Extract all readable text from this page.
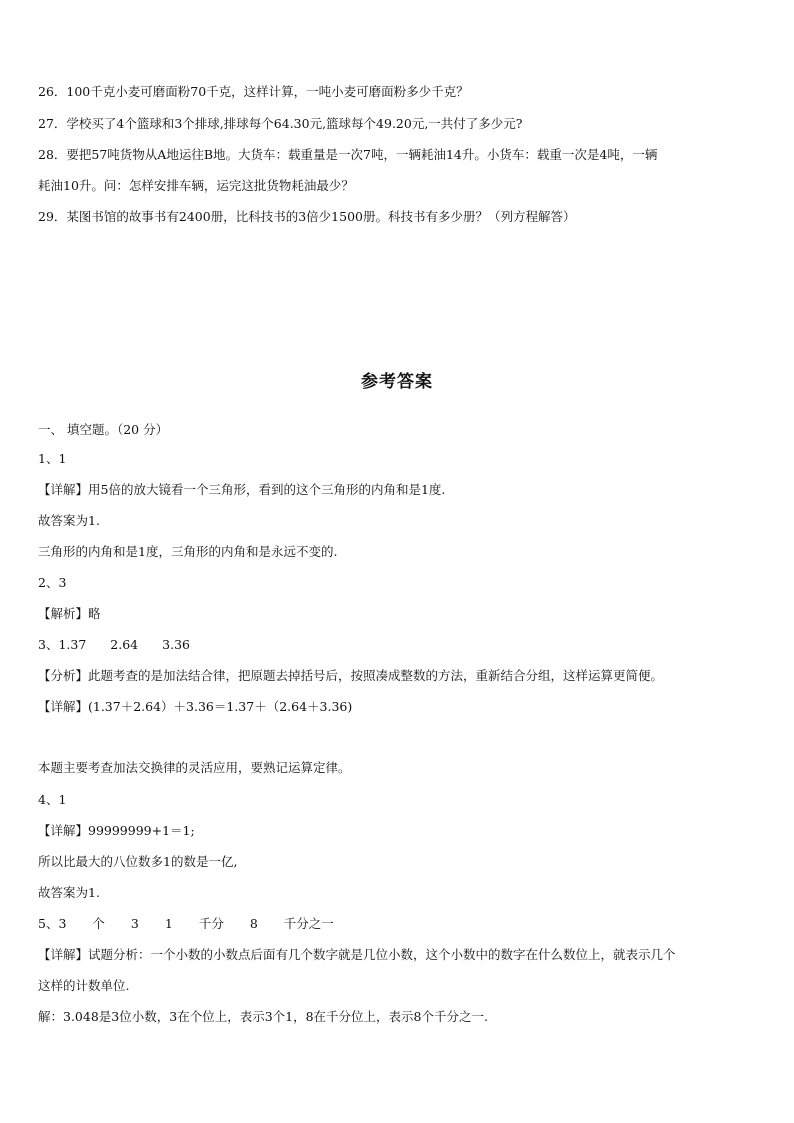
26．100千克小麦可磨面粉70千克，这样计算，一吨小麦可磨面粉多少千克？
27．学校买了4个篮球和3个排球,排球每个64.30元,篮球每个49.20元,一共付了多少元?
28．要把57吨货物从A地运往B地。大货车：载重量是一次7吨，一辆耗油14升。小货车：载重一次是4吨，一辆
耗油10升。问：怎样安排车辆，运完这批货物耗油最少？
29．某图书馆的故事书有2400册，比科技书的3倍少1500册。科技书有多少册？（列方程解答）
参考答案
一、 填空题。（20 分）
1、1
【详解】用5倍的放大镜看一个三角形，看到的这个三角形的内角和是1度.
故答案为1.
三角形的内角和是1度，三角形的内角和是永远不变的.
2、3
【解析】略
3、1.37 2.64 3.36
【分析】此题考查的是加法结合律，把原题去掉括号后，按照凑成整数的方法，重新结合分组，这样运算更简便。
【详解】(1.37＋2.64）＋3.36＝1.37＋（2.64＋3.36)
本题主要考查加法交换律的灵活应用，要熟记运算定律。
4、1
【详解】99999999+1＝1;
所以比最大的八位数多1的数是一亿,
故答案为1.
5、3 个 3 1 千分 8 千分之一
【详解】试题分析：一个小数的小数点后面有几个数字就是几位小数，这个小数中的数字在什么数位上，就表示几个
这样的计数单位.
解：3.048是3位小数，3在个位上，表示3个1，8在千分位上，表示8个千分之一.
